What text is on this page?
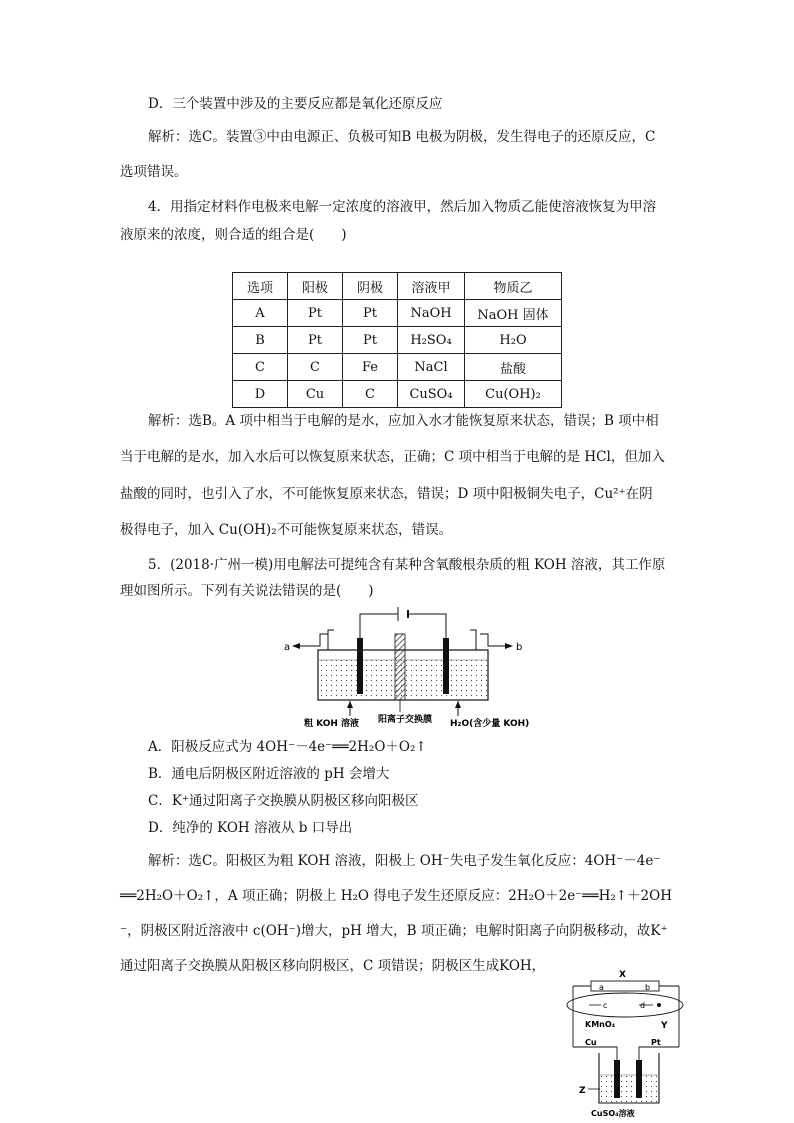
D．三个装置中涉及的主要反应都是氧化还原反应
解析：选C。装置③中由电源正、负极可知B 电极为阴极，发生得电子的还原反应，C
选项错误。
4．用指定材料作电极来电解一定浓度的溶液甲，然后加入物质乙能使溶液恢复为甲溶
液原来的浓度，则合适的组合是(　　)
选项	阳极	阴极	溶液甲	物质乙
A	Pt	Pt	NaOH	NaOH 固体
B	Pt	Pt	H₂SO₄	H₂O
C	C	Fe	NaCl	盐酸
D	Cu	C	CuSO₄	Cu(OH)₂
解析：选B。A 项中相当于电解的是水，应加入水才能恢复原来状态，错误；B 项中相
当于电解的是水，加入水后可以恢复原来状态，正确；C 项中相当于电解的是 HCl，但加入
盐酸的同时，也引入了水，不可能恢复原来状态，错误；D 项中阳极铜失电子，Cu²⁺在阴
极得电子，加入 Cu(OH)₂不可能恢复原来状态，错误。
5．(2018·广州一模)用电解法可提纯含有某种含氧酸根杂质的粗 KOH 溶液，其工作原
理如图所示。下列有关说法错误的是(　　)
a	b
粗 KOH 溶液 阳离子交换膜 H₂O(含少量 KOH)
A．阳极反应式为 4OH⁻－4e⁻══2H₂O＋O₂↑
B．通电后阴极区附近溶液的 pH 会增大
C．K⁺通过阳离子交换膜从阴极区移向阳极区
D．纯净的 KOH 溶液从 b 口导出
解析：选C。阳极区为粗 KOH 溶液，阳极上 OH⁻失电子发生氧化反应：4OH⁻－4e⁻
══2H₂O＋O₂↑，A 项正确；阴极上 H₂O 得电子发生还原反应：2H₂O＋2e⁻══H₂↑＋2OH
⁻，阴极区附近溶液中 c(OH⁻)增大，pH 增大，B 项正确；电解时阳离子向阴极移动，故K⁺
通过阳离子交换膜从阳极区移向阴极区，C 项错误；阴极区生成KOH，
X
a	b
c	d
KMnO₄	Y
Cu	Pt
Z
CuSO₄溶液
